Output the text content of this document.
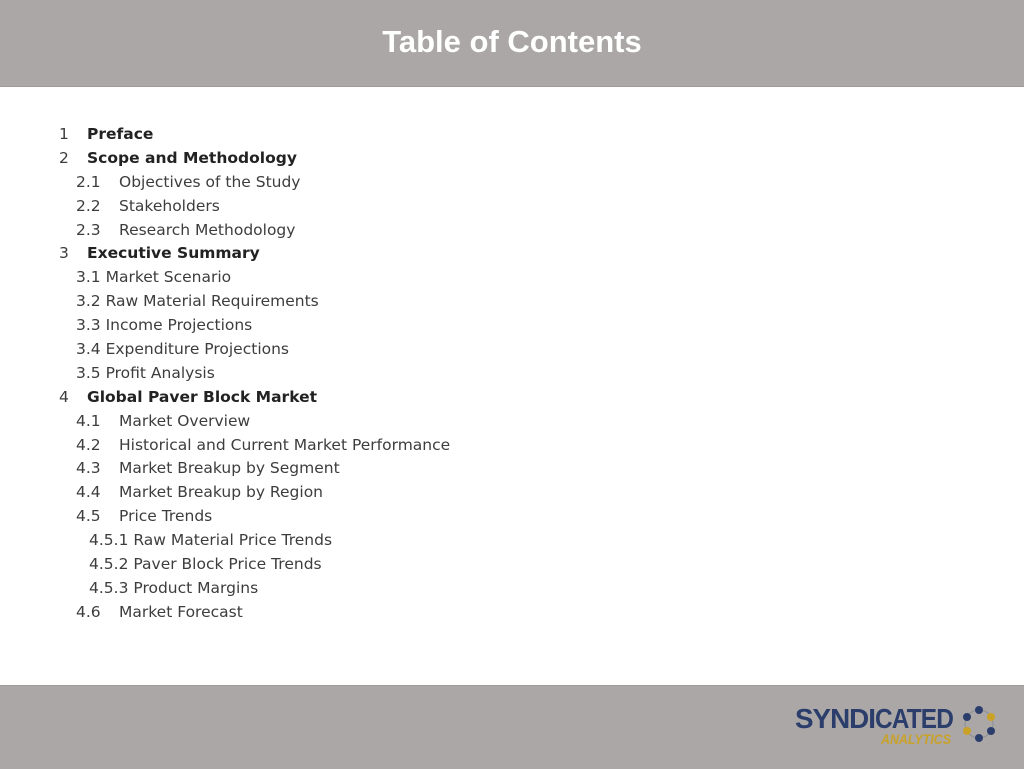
Table of Contents
1 Preface
2 Scope and Methodology
2.1 Objectives of the Study
2.2 Stakeholders
2.3 Research Methodology
3 Executive Summary
3.1 Market Scenario
3.2 Raw Material Requirements
3.3 Income Projections
3.4 Expenditure Projections
3.5 Profit Analysis
4 Global Paver Block Market
4.1 Market Overview
4.2 Historical and Current Market Performance
4.3 Market Breakup by Segment
4.4 Market Breakup by Region
4.5 Price Trends
4.5.1 Raw Material Price Trends
4.5.2 Paver Block Price Trends
4.5.3 Product Margins
4.6 Market Forecast
SYNDI CATED
ANALYTICS
